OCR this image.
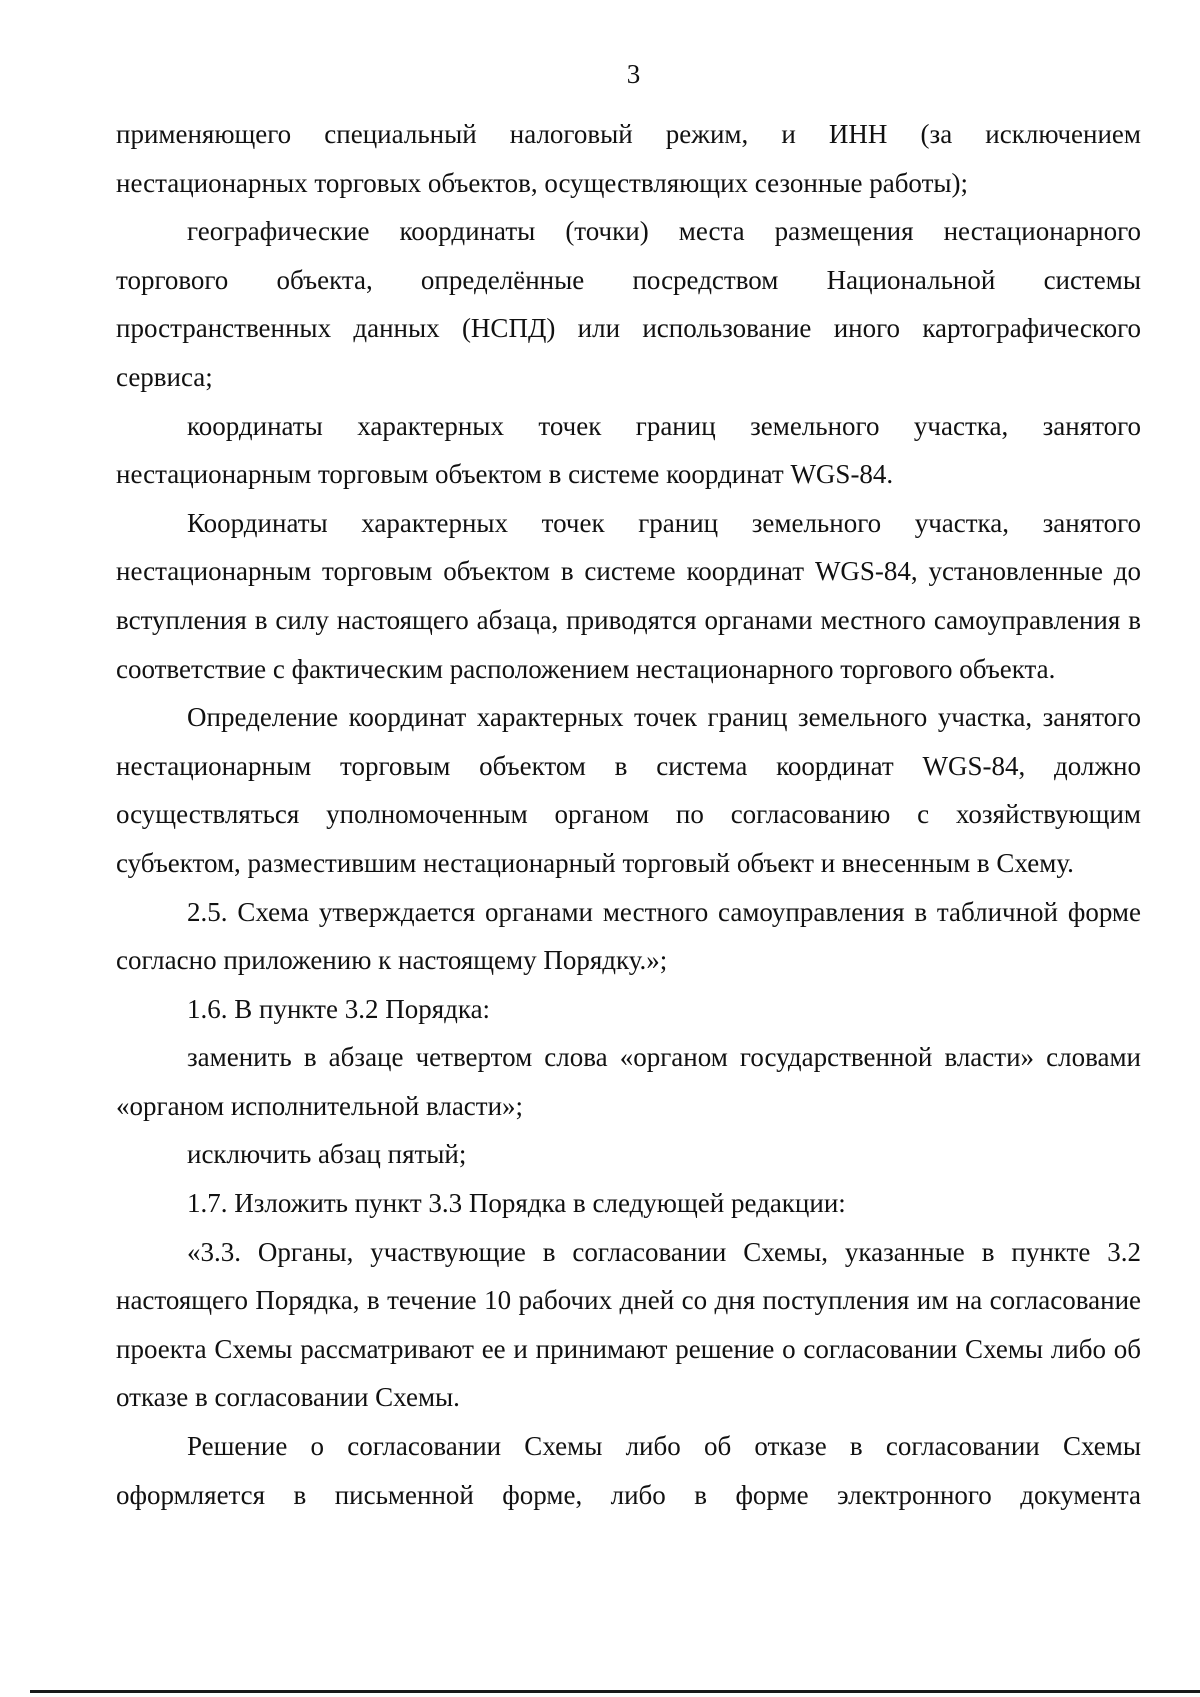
3

применяющего специальный налоговый режим, и ИНН (за исключением нестационарных торговых объектов, осуществляющих сезонные работы);

географические координаты (точки) места размещения нестационарного торгового объекта, определённые посредством Национальной системы пространственных данных (НСПД) или использование иного картографического сервиса;

координаты характерных точек границ земельного участка, занятого нестационарным торговым объектом в системе координат WGS-84.

Координаты характерных точек границ земельного участка, занятого нестационарным торговым объектом в системе координат WGS-84, установленные до вступления в силу настоящего абзаца, приводятся органами местного самоуправления в соответствие с фактическим расположением нестационарного торгового объекта.

Определение координат характерных точек границ земельного участка, занятого нестационарным торговым объектом в система координат WGS-84, должно осуществляться уполномоченным органом по согласованию с хозяйствующим субъектом, разместившим нестационарный торговый объект и внесенным в Схему.

2.5. Схема утверждается органами местного самоуправления в табличной форме согласно приложению к настоящему Порядку.»;

1.6. В пункте 3.2 Порядка:

заменить в абзаце четвертом слова «органом государственной власти» словами «органом исполнительной власти»;

исключить абзац пятый;

1.7. Изложить пункт 3.3 Порядка в следующей редакции:

«3.3. Органы, участвующие в согласовании Схемы, указанные в пункте 3.2 настоящего Порядка, в течение 10 рабочих дней со дня поступления им на согласование проекта Схемы рассматривают ее и принимают решение о согласовании Схемы либо об отказе в согласовании Схемы.

Решение о согласовании Схемы либо об отказе в согласовании Схемы оформляется в письменной форме, либо в форме электронного документа
